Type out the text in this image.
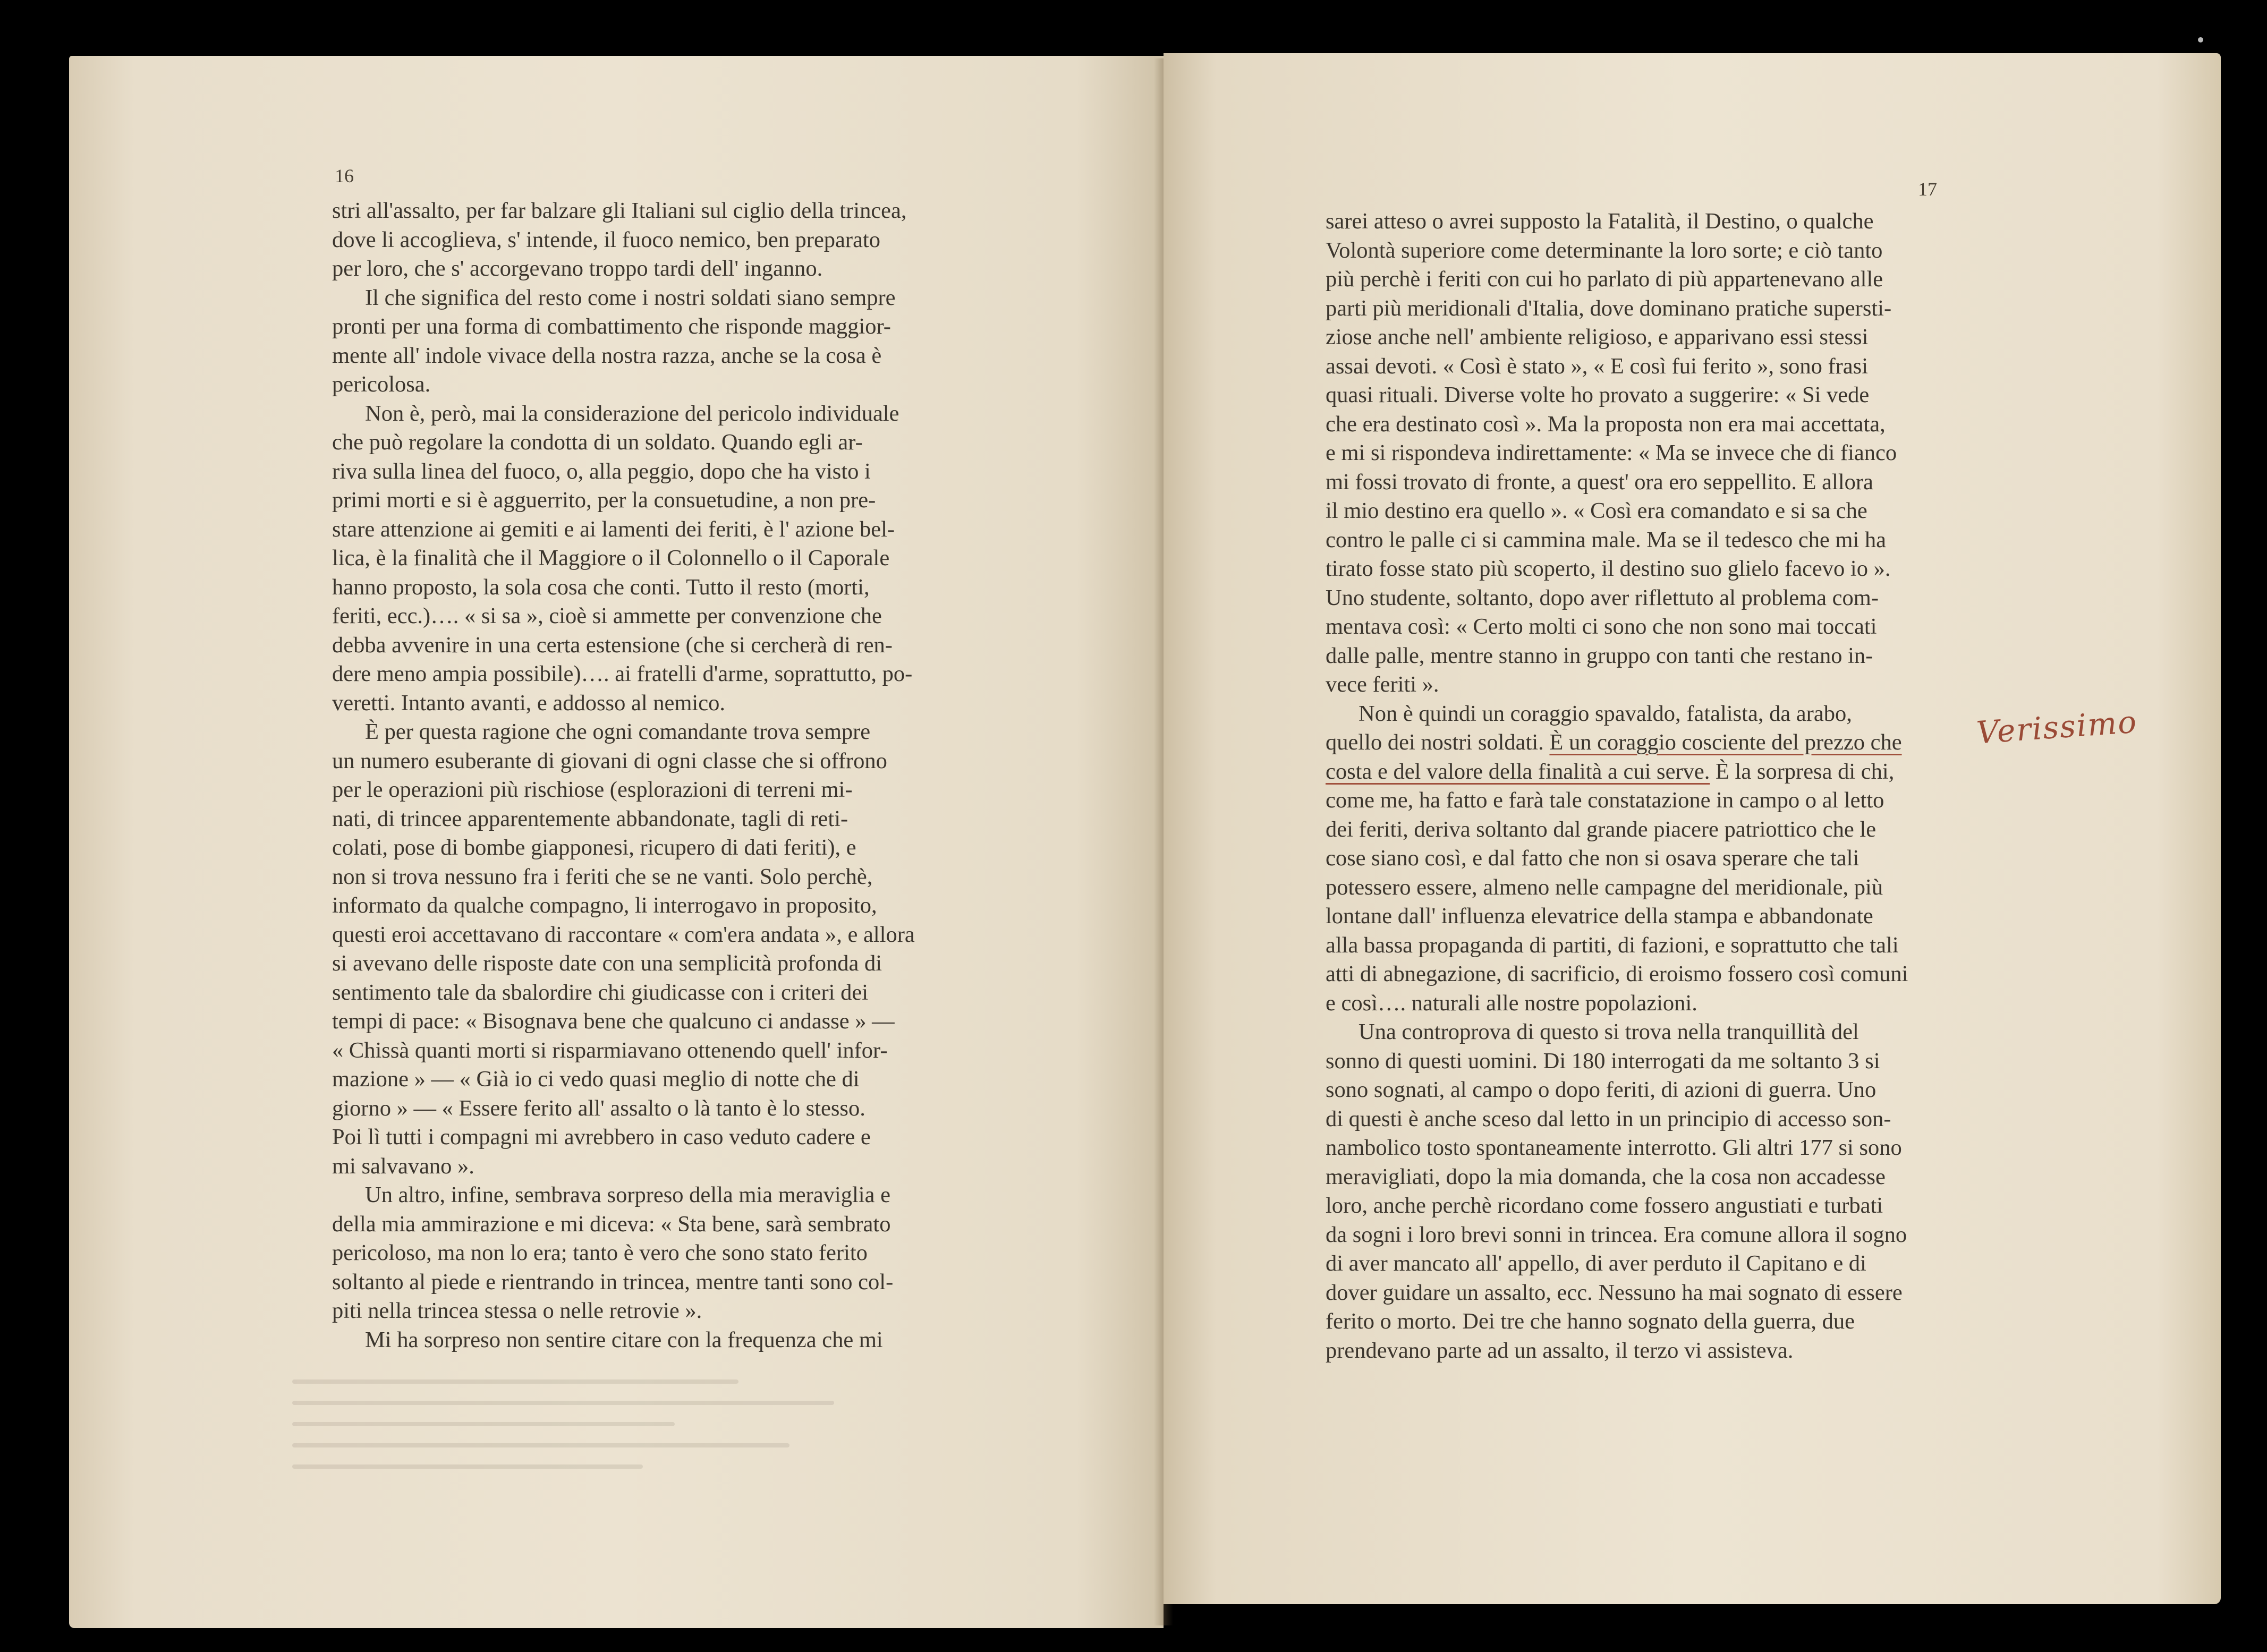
16

stri all'assalto, per far balzare gli Italiani sul ciglio della trincea,

dove li accoglieva, s' intende, il fuoco nemico, ben preparato

per loro, che s' accorgevano troppo tardi dell' inganno.

Il che significa del resto come i nostri soldati siano sempre

pronti per una forma di combattimento che risponde maggior-

mente all' indole vivace della nostra razza, anche se la cosa è

pericolosa.

Non è, però, mai la considerazione del pericolo individuale

che può regolare la condotta di un soldato. Quando egli ar-

riva sulla linea del fuoco, o, alla peggio, dopo che ha visto i

primi morti e si è agguerrito, per la consuetudine, a non pre-

stare attenzione ai gemiti e ai lamenti dei feriti, è l' azione bel-

lica, è la finalità che il Maggiore o il Colonnello o il Caporale

hanno proposto, la sola cosa che conti. Tutto il resto (morti,

feriti, ecc.)…. « si sa », cioè si ammette per convenzione che

debba avvenire in una certa estensione (che si cercherà di ren-

dere meno ampia possibile)…. ai fratelli d'arme, soprattutto, po-

veretti. Intanto avanti, e addosso al nemico.

È per questa ragione che ogni comandante trova sempre

un numero esuberante di giovani di ogni classe che si offrono

per le operazioni più rischiose (esplorazioni di terreni mi-

nati, di trincee apparentemente abbandonate, tagli di reti-

colati, pose di bombe giapponesi, ricupero di dati feriti), e

non si trova nessuno fra i feriti che se ne vanti. Solo perchè,

informato da qualche compagno, li interrogavo in proposito,

questi eroi accettavano di raccontare « com'era andata », e allora

si avevano delle risposte date con una semplicità profonda di

sentimento tale da sbalordire chi giudicasse con i criteri dei

tempi di pace: « Bisognava bene che qualcuno ci andasse » —

« Chissà quanti morti si risparmiavano ottenendo quell' infor-

mazione » — « Già io ci vedo quasi meglio di notte che di

giorno » — « Essere ferito all' assalto o là tanto è lo stesso.

Poi lì tutti i compagni mi avrebbero in caso veduto cadere e

mi salvavano ».

Un altro, infine, sembrava sorpreso della mia meraviglia e

della mia ammirazione e mi diceva: « Sta bene, sarà sembrato

pericoloso, ma non lo era; tanto è vero che sono stato ferito

soltanto al piede e rientrando in trincea, mentre tanti sono col-

piti nella trincea stessa o nelle retrovie ».

Mi ha sorpreso non sentire citare con la frequenza che mi

17

sarei atteso o avrei supposto la Fatalità, il Destino, o qualche

Volontà superiore come determinante la loro sorte; e ciò tanto

più perchè i feriti con cui ho parlato di più appartenevano alle

parti più meridionali d'Italia, dove dominano pratiche supersti-

ziose anche nell' ambiente religioso, e apparivano essi stessi

assai devoti. « Così è stato », « E così fui ferito », sono frasi

quasi rituali. Diverse volte ho provato a suggerire: « Si vede

che era destinato così ». Ma la proposta non era mai accettata,

e mi si rispondeva indirettamente: « Ma se invece che di fianco

mi fossi trovato di fronte, a quest' ora ero seppellito. E allora

il mio destino era quello ». « Così era comandato e si sa che

contro le palle ci si cammina male. Ma se il tedesco che mi ha

tirato fosse stato più scoperto, il destino suo glielo facevo io ».

Uno studente, soltanto, dopo aver riflettuto al problema com-

mentava così: « Certo molti ci sono che non sono mai toccati

dalle palle, mentre stanno in gruppo con tanti che restano in-

vece feriti ».

Non è quindi un coraggio spavaldo, fatalista, da arabo,

quello dei nostri soldati. È un coraggio cosciente del prezzo che

costa e del valore della finalità a cui serve. È la sorpresa di chi,

come me, ha fatto e farà tale constatazione in campo o al letto

dei feriti, deriva soltanto dal grande piacere patriottico che le

cose siano così, e dal fatto che non si osava sperare che tali

potessero essere, almeno nelle campagne del meridionale, più

lontane dall' influenza elevatrice della stampa e abbandonate

alla bassa propaganda di partiti, di fazioni, e soprattutto che tali

atti di abnegazione, di sacrificio, di eroismo fossero così comuni

e così…. naturali alle nostre popolazioni.

Una controprova di questo si trova nella tranquillità del

sonno di questi uomini. Di 180 interrogati da me soltanto 3 si

sono sognati, al campo o dopo feriti, di azioni di guerra. Uno

di questi è anche sceso dal letto in un principio di accesso son-

nambolico tosto spontaneamente interrotto. Gli altri 177 si sono

meravigliati, dopo la mia domanda, che la cosa non accadesse

loro, anche perchè ricordano come fossero angustiati e turbati

da sogni i loro brevi sonni in trincea. Era comune allora il sogno

di aver mancato all' appello, di aver perduto il Capitano e di

dover guidare un assalto, ecc. Nessuno ha mai sognato di essere

ferito o morto. Dei tre che hanno sognato della guerra, due

prendevano parte ad un assalto, il terzo vi assisteva.

Verissimo
